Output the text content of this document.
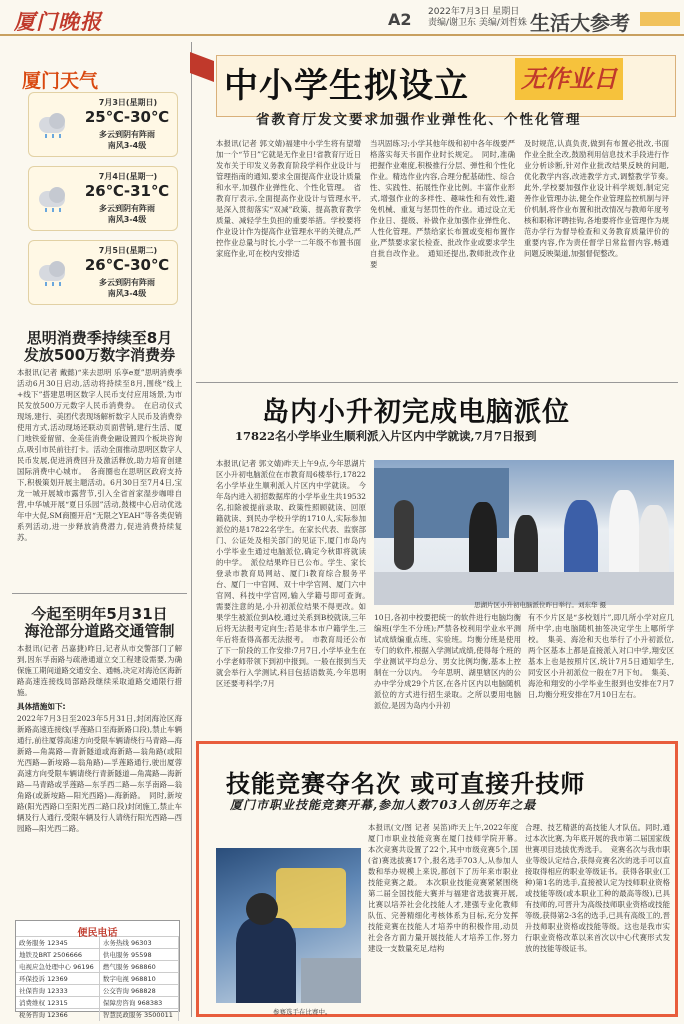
厦门晚报	A2 2022年7月3日 星期日
责编/谢卫东 美编/刘哲姝 生活大参考
厦门天气
7月3日(星期日)
25℃-30℃
多云到阴有阵雨
南风3-4级
7月4日(星期一)
26℃-31℃
多云到阴有阵雨
南风3-4级
7月5日(星期二)
26℃-30℃
多云到阴有阵雨
南风3-4级
思明消费季持续至8月
发放500万数字消费券
本报讯(记者 戴懿)“来去思明 乐享e夏”思明消费季活动6月30日启动,活动将持续至8月,围绕“线上+线下”搭建思明区数字人民币支付应用场景,为市民发放500万元数字人民币消费券。　在启动仪式现场,建行、美团代表现场解析数字人民币及消费券使用方式,活动现场还联动页面营销,建行生活、厦门地铁爱留留、金美佳消费金融设置四个板块咨询点,吸引市民前往打卡。活动全面推动思明区数字人民币发展,促进消费回升及激活释放,助力培育创建国际消费中心城市。　各商圈也在思明区政府支持下,积极策划开展主题活动。6月30日至7月4日,宝龙一城开展城市露营节,引入全省首家湿步咖啡自营,中华城开展“夏日乐园”活动,鼓楼中心启动优选年中大促,SM商圈开启“无限之YEAH”等各类促销系列活动,进一步释放消费潜力,促进消费持续复苏。
今起至明年5月31日
海沧部分道路交通管制
本报讯(记者 吕嘉捷)昨日,记者从市交警部门了解到,因东孚南路与疏港通道立交工程建设需要,为确保施工期间道路交通安全、通畅,决定对海沧区海新路高速连接线局部路段继续采取道路交通限行措施。
具体措施如下:
2022年7月3日至2023年5月31日,封闭海沧区海新路高速连接线(孚莲路口至海新路口段),禁止车辆通行,前往厦蓉高速方向受限车辆请绕行马青路—海新路—角嵩路—青新隧道或海新路—翁角路(或阳光西路—新垵路—翁角路)—孚莲路通行,驶出厦蓉高速方向受限车辆请绕行青新隧道—角嵩路—海新路—马青路或孚莲路—东孚西二路—东孚南路—翁角路(或新垵路—阳光西路)—海新路。　同时,新垵路(阳光西路口至阳光西二路口段)封闭施工,禁止车辆及行人通行,受限车辆及行人请绕行阳光西路—西园路—阳光西二路。
便民电话
政务服务 12345	水务热线 96303
地铁及BRT 2506666	供电服务 95598
电视应急处理中心 96196	燃气服务 968860
环保投诉 12369	数字电视 968810
社保咨询 12333	公交咨询 968828
消费维权 12315	保障房咨询 968383
税务咨询 12366	智慧民政服务 3500011
中小学生拟设立 无作业日
省教育厅发文要求加强作业弹性化、个性化管理
本报讯(记者 郭文婧)福建中小学生将有望增加一个“节日”它就是无作业日!省教育厅近日发布关于印发义务教育阶段学科作业设计与管理指南的通知,要求全面提高作业设计质量和水平,加强作业弹性化、个性化管理。　省教育厅表示,全面提高作业设计与管理水平,是深入贯彻落实“双减”政策、提高教育教学质量、减轻学生负担的重要举措。学校要将作业设计作为提高作业管理水平的关键点,严控作业总量与时长,小学一二年级不布置书面家庭作业,可在校内安排适
当巩固练习;小学其他年级和初中各年级要严格落实每天书面作业时长规定。　同时,准确把握作业难度,积极推行分层、弹性和个性化作业。精选作业内容,合理分配基础性、综合性、实践性、拓展性作业比例。丰富作业形式,增强作业的多样性、趣味性和有效性,避免机械、重复与惩罚性的作业。通过设立无作业日、提级、补做作业加强作业弹性化、人性化管理。严禁给家长布置或变相布置作业,严禁要求家长检查、批改作业或要求学生自批自改作业。　通知还提出,教师批改作业要
及时规范,认真负责,做到有布置必批改,书面作业全批全改,鼓励利用信息技术手段进行作业分析诊断,针对作业批改结果反映的问题,优化教学内容,改进教学方式,调整教学节奏。　此外,学校要加强作业设计科学规划,制定完善作业管理办法,健全作业管理监控机制与评价机制,将作业布置和批改情况与教师年度考核和职称评聘挂钩,各地要将作业管理作为规范办学行为督导检查和义务教育质量评价的重要内容,作为责任督学日常监督内容,畅通问题反映渠道,加强督促整改。
岛内小升初完成电脑派位
17822名小学毕业生顺利派入片区内中学就读,7月7日报到
本报讯(记者 郭文婧)昨天上午9点,今年思湖片区小升初电脑派位在市教育局6楼举行,17822名小学毕业生顺利派入片区内中学就读。　今年岛内进入初招数据库的小学毕业生共19532名,扣除被提前录取、政策性照顾就读、回原籍就读、到民办学校升学的1710人,实际参加派位的是17822名学生。在家长代表、监察部门、公证处及相关部门的见证下,厦门市岛内小学毕业生通过电脑派位,确定今秋即将就读的中学。　派位结果昨日已公布。学生、家长登录市教育局网站、厦门i教育综合服务平台、厦门一中官网、双十中学官网、厦门六中官网、科技中学官网,输入学籍号即可查询。　需要注意的是,小升初派位结果不得更改。如果学生被派位到A校,通过关系到B校就读,三年后将无法报考定向生;若是非本市户籍学生,三年后将查得高都无法报考。　市教育局还公布了下一阶段的工作安排:7月7日,小学毕业生在小学老师带领下到初中报到。一般在报到当天就会举行入学测试,科目包括语数英,今年思明区还要考科学;7月
思湖片区小升初电脑派位昨日举行。刘东华 摄
10日,各初中校要把统一的软件进行电脑均衡编班(学生不分班);严禁各校利用学业水平测试成绩编重点班、实验班。均衡分班是使用专门的软件,根据入学测试成绩,使得每个班的学业测试平均总分、男女比例均衡,基本上控制在一分以内。　今年思明、湖里辖区内的公办中学分成29个片区,在各片区内以电脑随机派位的方式进行招生录取。之所以要用电脑派位,是因为岛内小升初
有不少片区是“多校划片”,即几所小学对应几所中学,由电脑随机抽签决定学生上哪所学校。　集美、海沧和天也举行了小升初派位,两个区基本上都是直接派入对口中学,翔安区基本上也是按照片区,统计7月5日通知学生,同安区小升初派位一般在7月下旬。　集美、海沧和翔安的小学毕业生报到也安排在7月7日,均衡分班安排在7月10日左右。
技能竞赛夺名次 或可直接升技师
厦门市职业技能竞赛开幕,参加人数703人创历年之最
参赛选手在比赛中。
本报讯(文/图 记者 吴笛)昨天上午,2022年度厦门市职业技能竞赛在厦门技师学院开幕。　本次竞赛共设置了22个,其中市级竞赛5个,国(省)赛选拔赛17个,报名选手703人,从参加人数和举办规模上来说,都创下了历年来市职业技能竞赛之最。　本次职业技能竞赛紧紧围绕第二届全国技能大赛并与福建省选拔赛开展,比赛以培养社会化技能人才,建强专业化教师队伍、完善精细化考核体系为目标,充分发挥技能竞赛在技能人才培养中的积极作用,动员社会各方面力量开展技能人才培养工作,努力建设一支数量充足,结构
合理、技艺精湛的高技能人才队伍。同时,通过本次比赛,为年底开展的我市第二届国家级世赛项目选拔优秀选手。　竞赛名次与我市职业等级认定结合,获得竞赛名次的选手可以直接取得相应的职业等级证书。获得各职业(工种)第1名的选手,直接被认定为技师职业资格或技能等级(或本职业工种的最高等级),已具有技师的,可晋升为高级技师职业资格或技能等级,获得第2-3名的选手,已具有高级工的,晋升技师职业资格或技能等级。这也是我市实行职业资格改革以来首次以中心代赛形式发放的技能等级证书。
